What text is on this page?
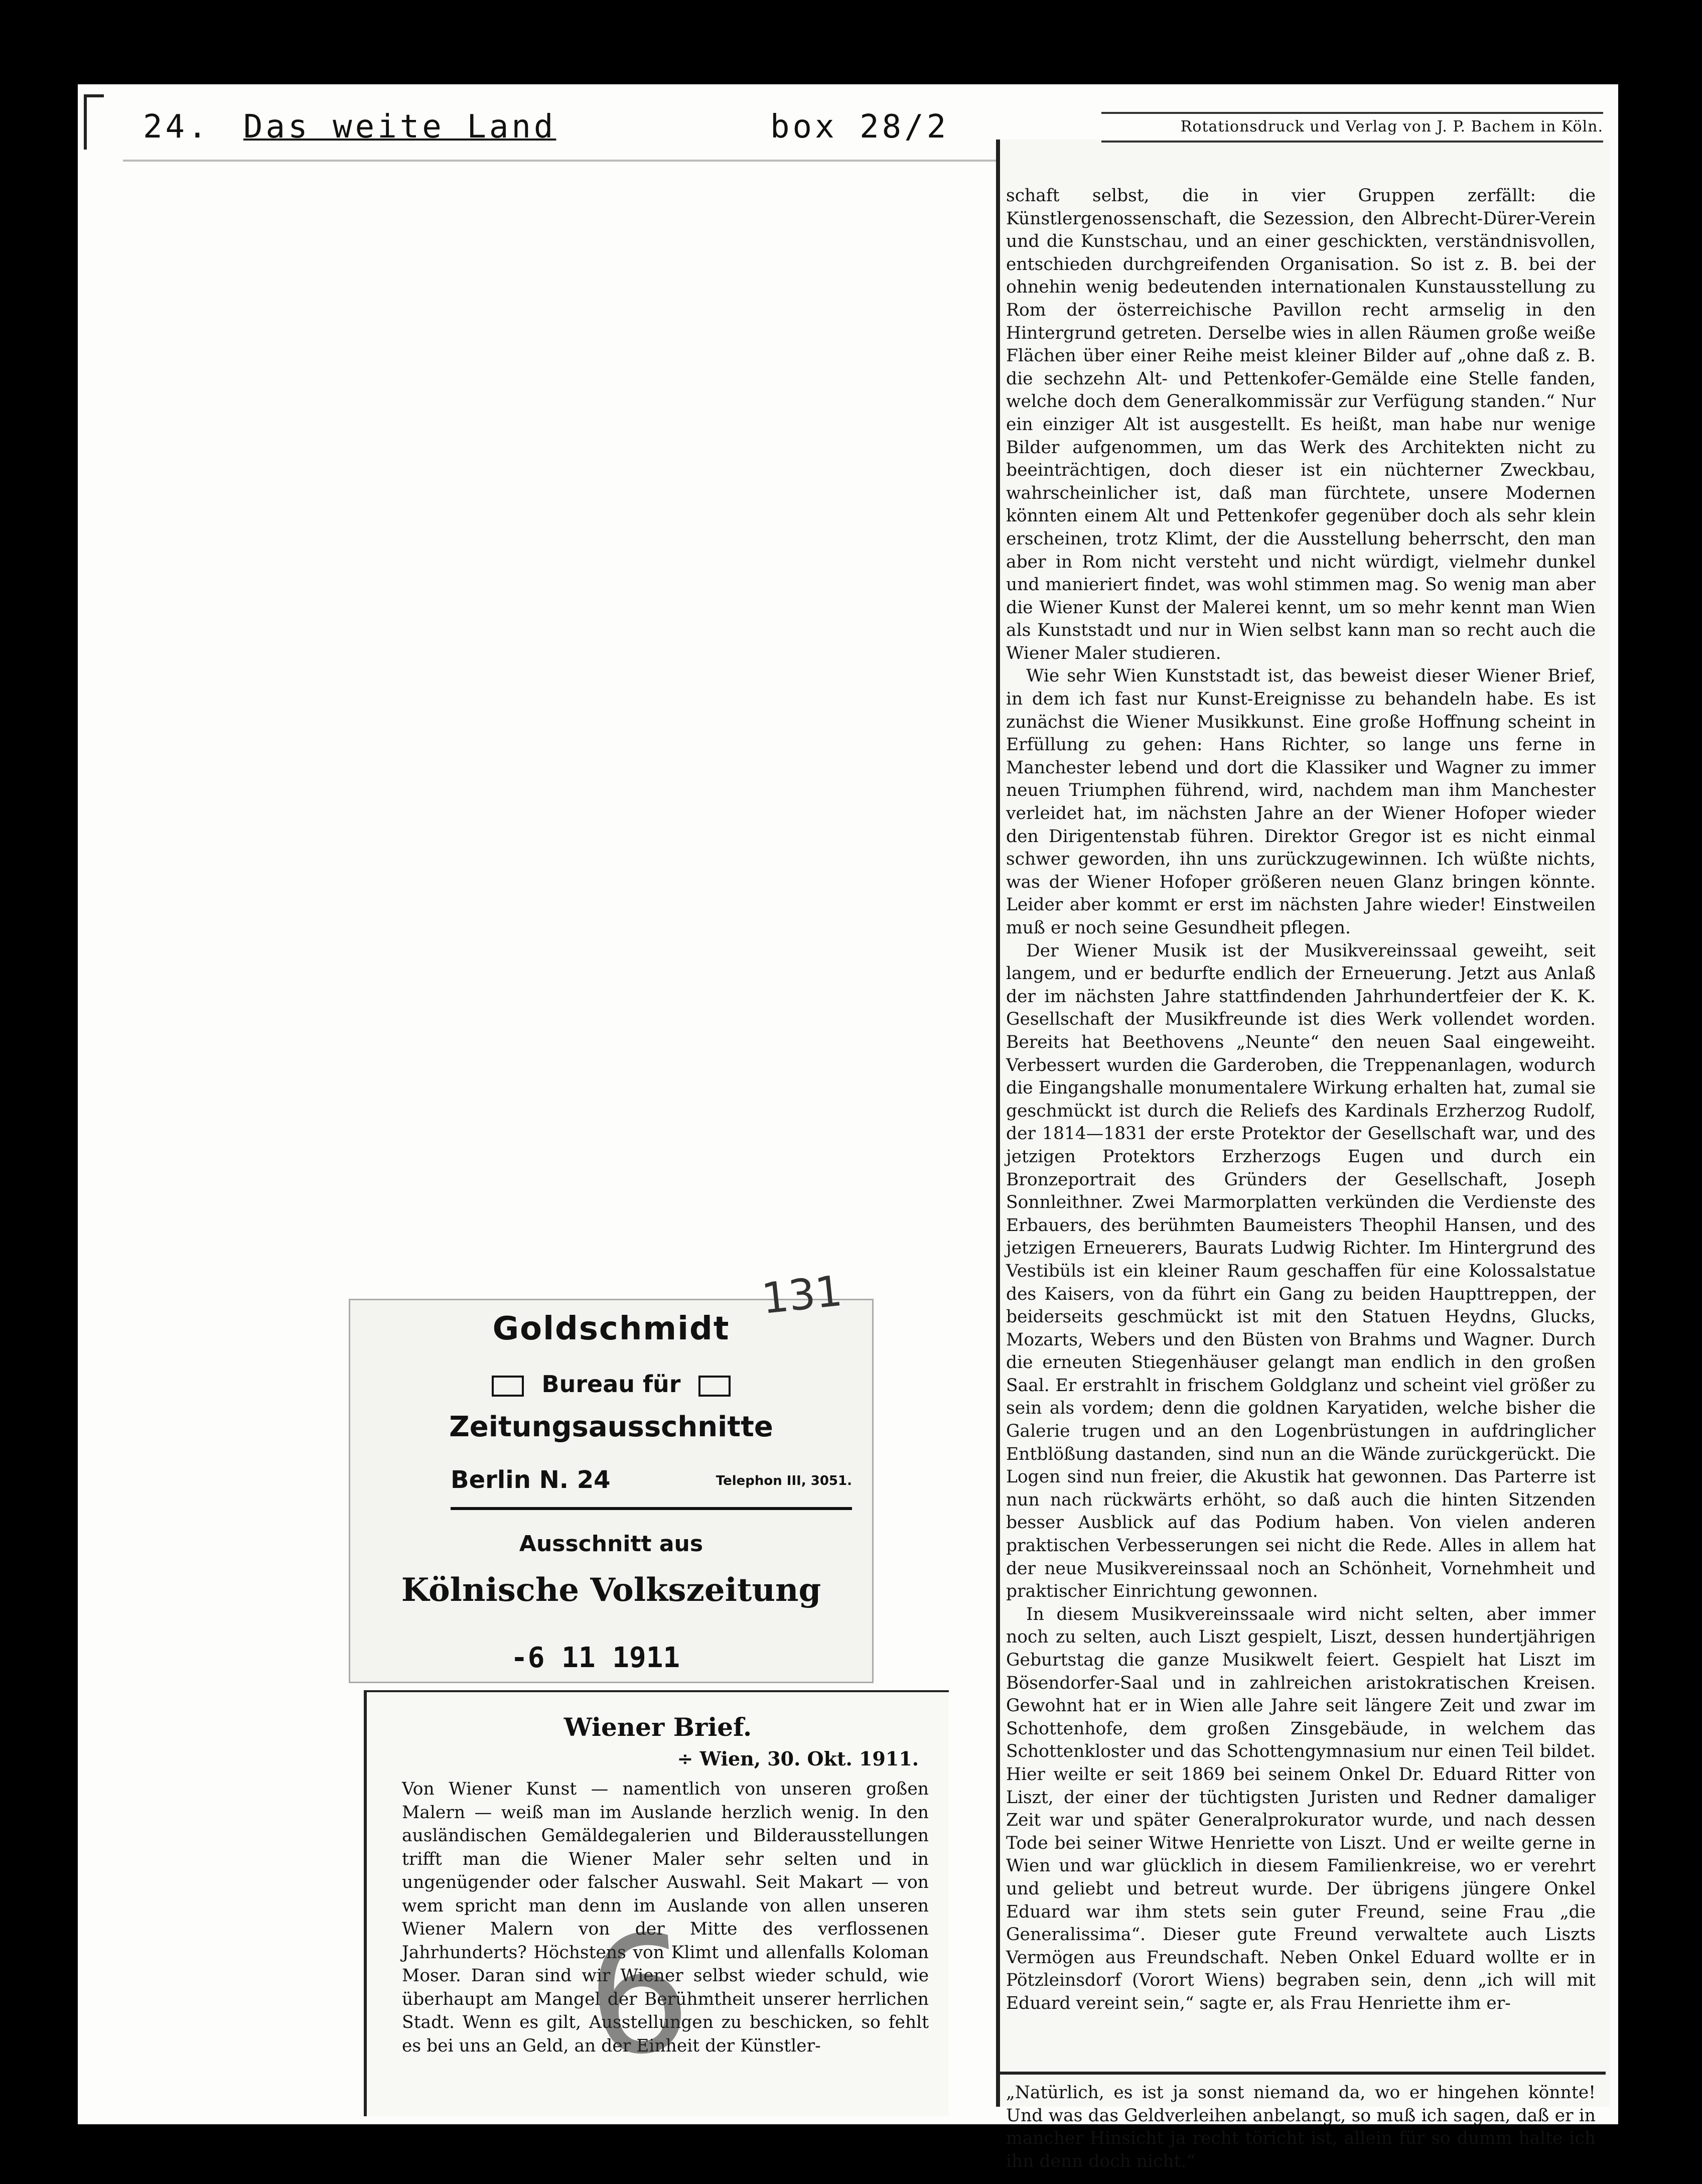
24. Das weite Land	box 28/2	Rotationsdruck und Verlag von J. P. Bachem in Köln.

schaft selbst, die in vier Gruppen zerfällt: die Künstlergenossenschaft, die Sezession, den Albrecht-Dürer-Verein und die Kunstschau, und an einer geschickten, verständnisvollen, entschieden durchgreifenden Organisation. So ist z. B. bei der ohnehin wenig bedeutenden internationalen Kunstausstellung zu Rom der österreichische Pavillon recht armselig in den Hintergrund getreten. Derselbe wies in allen Räumen große weiße Flächen über einer Reihe meist kleiner Bilder auf „ohne daß z. B. die sechzehn Alt- und Pettenkofer-Gemälde eine Stelle fanden, welche doch dem Generalkommissär zur Verfügung standen.“ Nur ein einziger Alt ist ausgestellt. Es heißt, man habe nur wenige Bilder aufgenommen, um das Werk des Architekten nicht zu beeinträchtigen, doch dieser ist ein nüchterner Zweckbau, wahrscheinlicher ist, daß man fürchtete, unsere Modernen könnten einem Alt und Pettenkofer gegenüber doch als sehr klein erscheinen, trotz Klimt, der die Ausstellung beherrscht, den man aber in Rom nicht versteht und nicht würdigt, vielmehr dunkel und manieriert findet, was wohl stimmen mag. So wenig man aber die Wiener Kunst der Malerei kennt, um so mehr kennt man Wien als Kunststadt und nur in Wien selbst kann man so recht auch die Wiener Maler studieren.

Wie sehr Wien Kunststadt ist, das beweist dieser Wiener Brief, in dem ich fast nur Kunst-Ereignisse zu behandeln habe. Es ist zunächst die Wiener Musikkunst. Eine große Hoffnung scheint in Erfüllung zu gehen: Hans Richter, so lange uns ferne in Manchester lebend und dort die Klassiker und Wagner zu immer neuen Triumphen führend, wird, nachdem man ihm Manchester verleidet hat, im nächsten Jahre an der Wiener Hofoper wieder den Dirigentenstab führen. Direktor Gregor ist es nicht einmal schwer geworden, ihn uns zurückzugewinnen. Ich wüßte nichts, was der Wiener Hofoper größeren neuen Glanz bringen könnte. Leider aber kommt er erst im nächsten Jahre wieder! Einstweilen muß er noch seine Gesundheit pflegen.

Der Wiener Musik ist der Musikvereinssaal geweiht, seit langem, und er bedurfte endlich der Erneuerung. Jetzt aus Anlaß der im nächsten Jahre stattfindenden Jahrhundertfeier der K. K. Gesellschaft der Musikfreunde ist dies Werk vollendet worden. Bereits hat Beethovens „Neunte“ den neuen Saal eingeweiht. Verbessert wurden die Garderoben, die Treppenanlagen, wodurch die Eingangshalle monumentalere Wirkung erhalten hat, zumal sie geschmückt ist durch die Reliefs des Kardinals Erzherzog Rudolf, der 1814—1831 der erste Protektor der Gesellschaft war, und des jetzigen Protektors Erzherzogs Eugen und durch ein Bronzeportrait des Gründers der Gesellschaft, Joseph Sonnleithner. Zwei Marmorplatten verkünden die Verdienste des Erbauers, des berühmten Baumeisters Theophil Hansen, und des jetzigen Erneuerers, Baurats Ludwig Richter. Im Hintergrund des Vestibüls ist ein kleiner Raum geschaffen für eine Kolossalstatue des Kaisers, von da führt ein Gang zu beiden Haupttreppen, der beiderseits geschmückt ist mit den Statuen Heydns, Glucks, Mozarts, Webers und den Büsten von Brahms und Wagner. Durch die erneuten Stiegenhäuser gelangt man endlich in den großen Saal. Er erstrahlt in frischem Goldglanz und scheint viel größer zu sein als vordem; denn die goldnen Karyatiden, welche bisher die Galerie trugen und an den Logenbrüstungen in aufdringlicher Entblößung dastanden, sind nun an die Wände zurückgerückt. Die Logen sind nun freier, die Akustik hat gewonnen. Das Parterre ist nun nach rückwärts erhöht, so daß auch die hinten Sitzenden besser Ausblick auf das Podium haben. Von vielen anderen praktischen Verbesserungen sei nicht die Rede. Alles in allem hat der neue Musikvereinssaal noch an Schönheit, Vornehmheit und praktischer Einrichtung gewonnen.

In diesem Musikvereinssaale wird nicht selten, aber immer noch zu selten, auch Liszt gespielt, Liszt, dessen hundertjährigen Geburtstag die ganze Musikwelt feiert. Gespielt hat Liszt im Bösendorfer-Saal und in zahlreichen aristokratischen Kreisen. Gewohnt hat er in Wien alle Jahre seit längere Zeit und zwar im Schottenhofe, dem großen Zinsgebäude, in welchem das Schottenkloster und das Schottengymnasium nur einen Teil bildet. Hier weilte er seit 1869 bei seinem Onkel Dr. Eduard Ritter von Liszt, der einer der tüchtigsten Juristen und Redner damaliger Zeit war und später Generalprokurator wurde, und nach dessen Tode bei seiner Witwe Henriette von Liszt. Und er weilte gerne in Wien und war glücklich in diesem Familienkreise, wo er verehrt und geliebt und betreut wurde. Der übrigens jüngere Onkel Eduard war ihm stets sein guter Freund, seine Frau „die Generalissima“. Dieser gute Freund verwaltete auch Liszts Vermögen aus Freundschaft. Neben Onkel Eduard wollte er in Pötzleinsdorf (Vorort Wiens) begraben sein, denn „ich will mit Eduard vereint sein,“ sagte er, als Frau Henriette ihm er-

„Natürlich, es ist ja sonst niemand da, wo er hingehen könnte! Und was das Geldverleihen anbelangt, so muß ich sagen, daß er in mancher Hinsicht ja recht töricht ist, allein für so dumm halte ich ihn denn doch nicht.“
131
Goldschmidt
Bureau für
Zeitungsausschnitte
Berlin N. 24	Telephon III, 3051.
Ausschnitt aus
Kölnische Volkszeitung
-6 11 1911
Wiener Brief.
÷ Wien, 30. Okt. 1911.
Von Wiener Kunst — namentlich von unseren großen Malern — weiß man im Auslande herzlich wenig. In den ausländischen Gemäldegalerien und Bilderausstellungen trifft man die Wiener Maler sehr selten und in ungenügender oder falscher Auswahl. Seit Makart — von wem spricht man denn im Auslande von allen unseren Wiener Malern von der Mitte des verflossenen Jahrhunderts? Höchstens von Klimt und allenfalls Koloman Moser. Daran sind wir Wiener selbst wieder schuld, wie überhaupt am Mangel der Berühmtheit unserer herrlichen Stadt. Wenn es gilt, Ausstellungen zu beschicken, so fehlt es bei uns an Geld, an der Einheit der Künstler-
6
